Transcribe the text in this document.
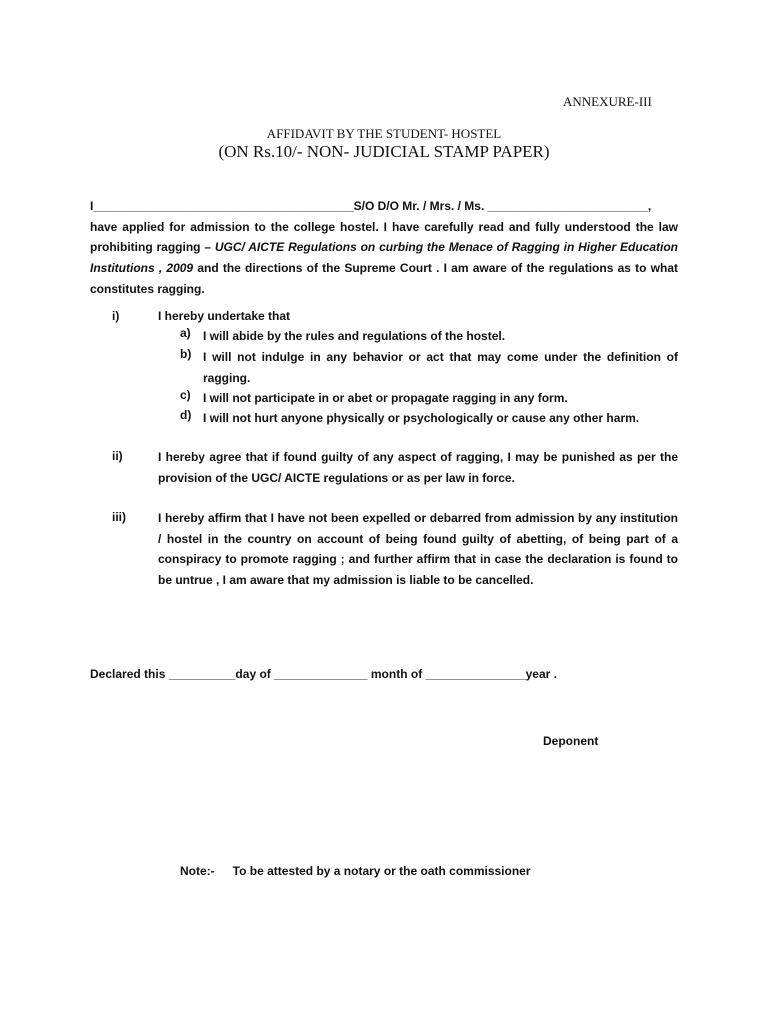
ANNEXURE-III
AFFIDAVIT BY THE STUDENT- HOSTEL
(ON Rs.10/- NON- JUDICIAL STAMP PAPER)

I_______________________________________S/O D/O Mr. / Mrs. / Ms. ________________________,
have applied for admission to the college hostel. I have carefully read and fully understood the law prohibiting ragging – UGC/ AICTE Regulations on curbing the Menace of Ragging in Higher Education Institutions , 2009 and the directions of the Supreme Court . I am aware of the regulations as to what constitutes ragging.

i)	I hereby undertake that

a) I will abide by the rules and regulations of the hostel.

b) I will not indulge in any behavior or act that may come under the definition of ragging.

c) I will not participate in or abet or propagate ragging in any form.

d) I will not hurt anyone physically or psychologically or cause any other harm.

ii)	I hereby agree that if found guilty of any aspect of ragging, I may be punished as per the provision of the UGC/ AICTE regulations or as per law in force.

iii)	I hereby affirm that I have not been expelled or debarred from admission by any institution / hostel in the country on account of being found guilty of abetting, of being part of a conspiracy to promote ragging ; and further affirm that in case the declaration is found to be untrue , I am aware that my admission is liable to be cancelled.

Declared this __________day of ______________ month of _______________year .
Deponent
Note:- To be attested by a notary or the oath commissioner
